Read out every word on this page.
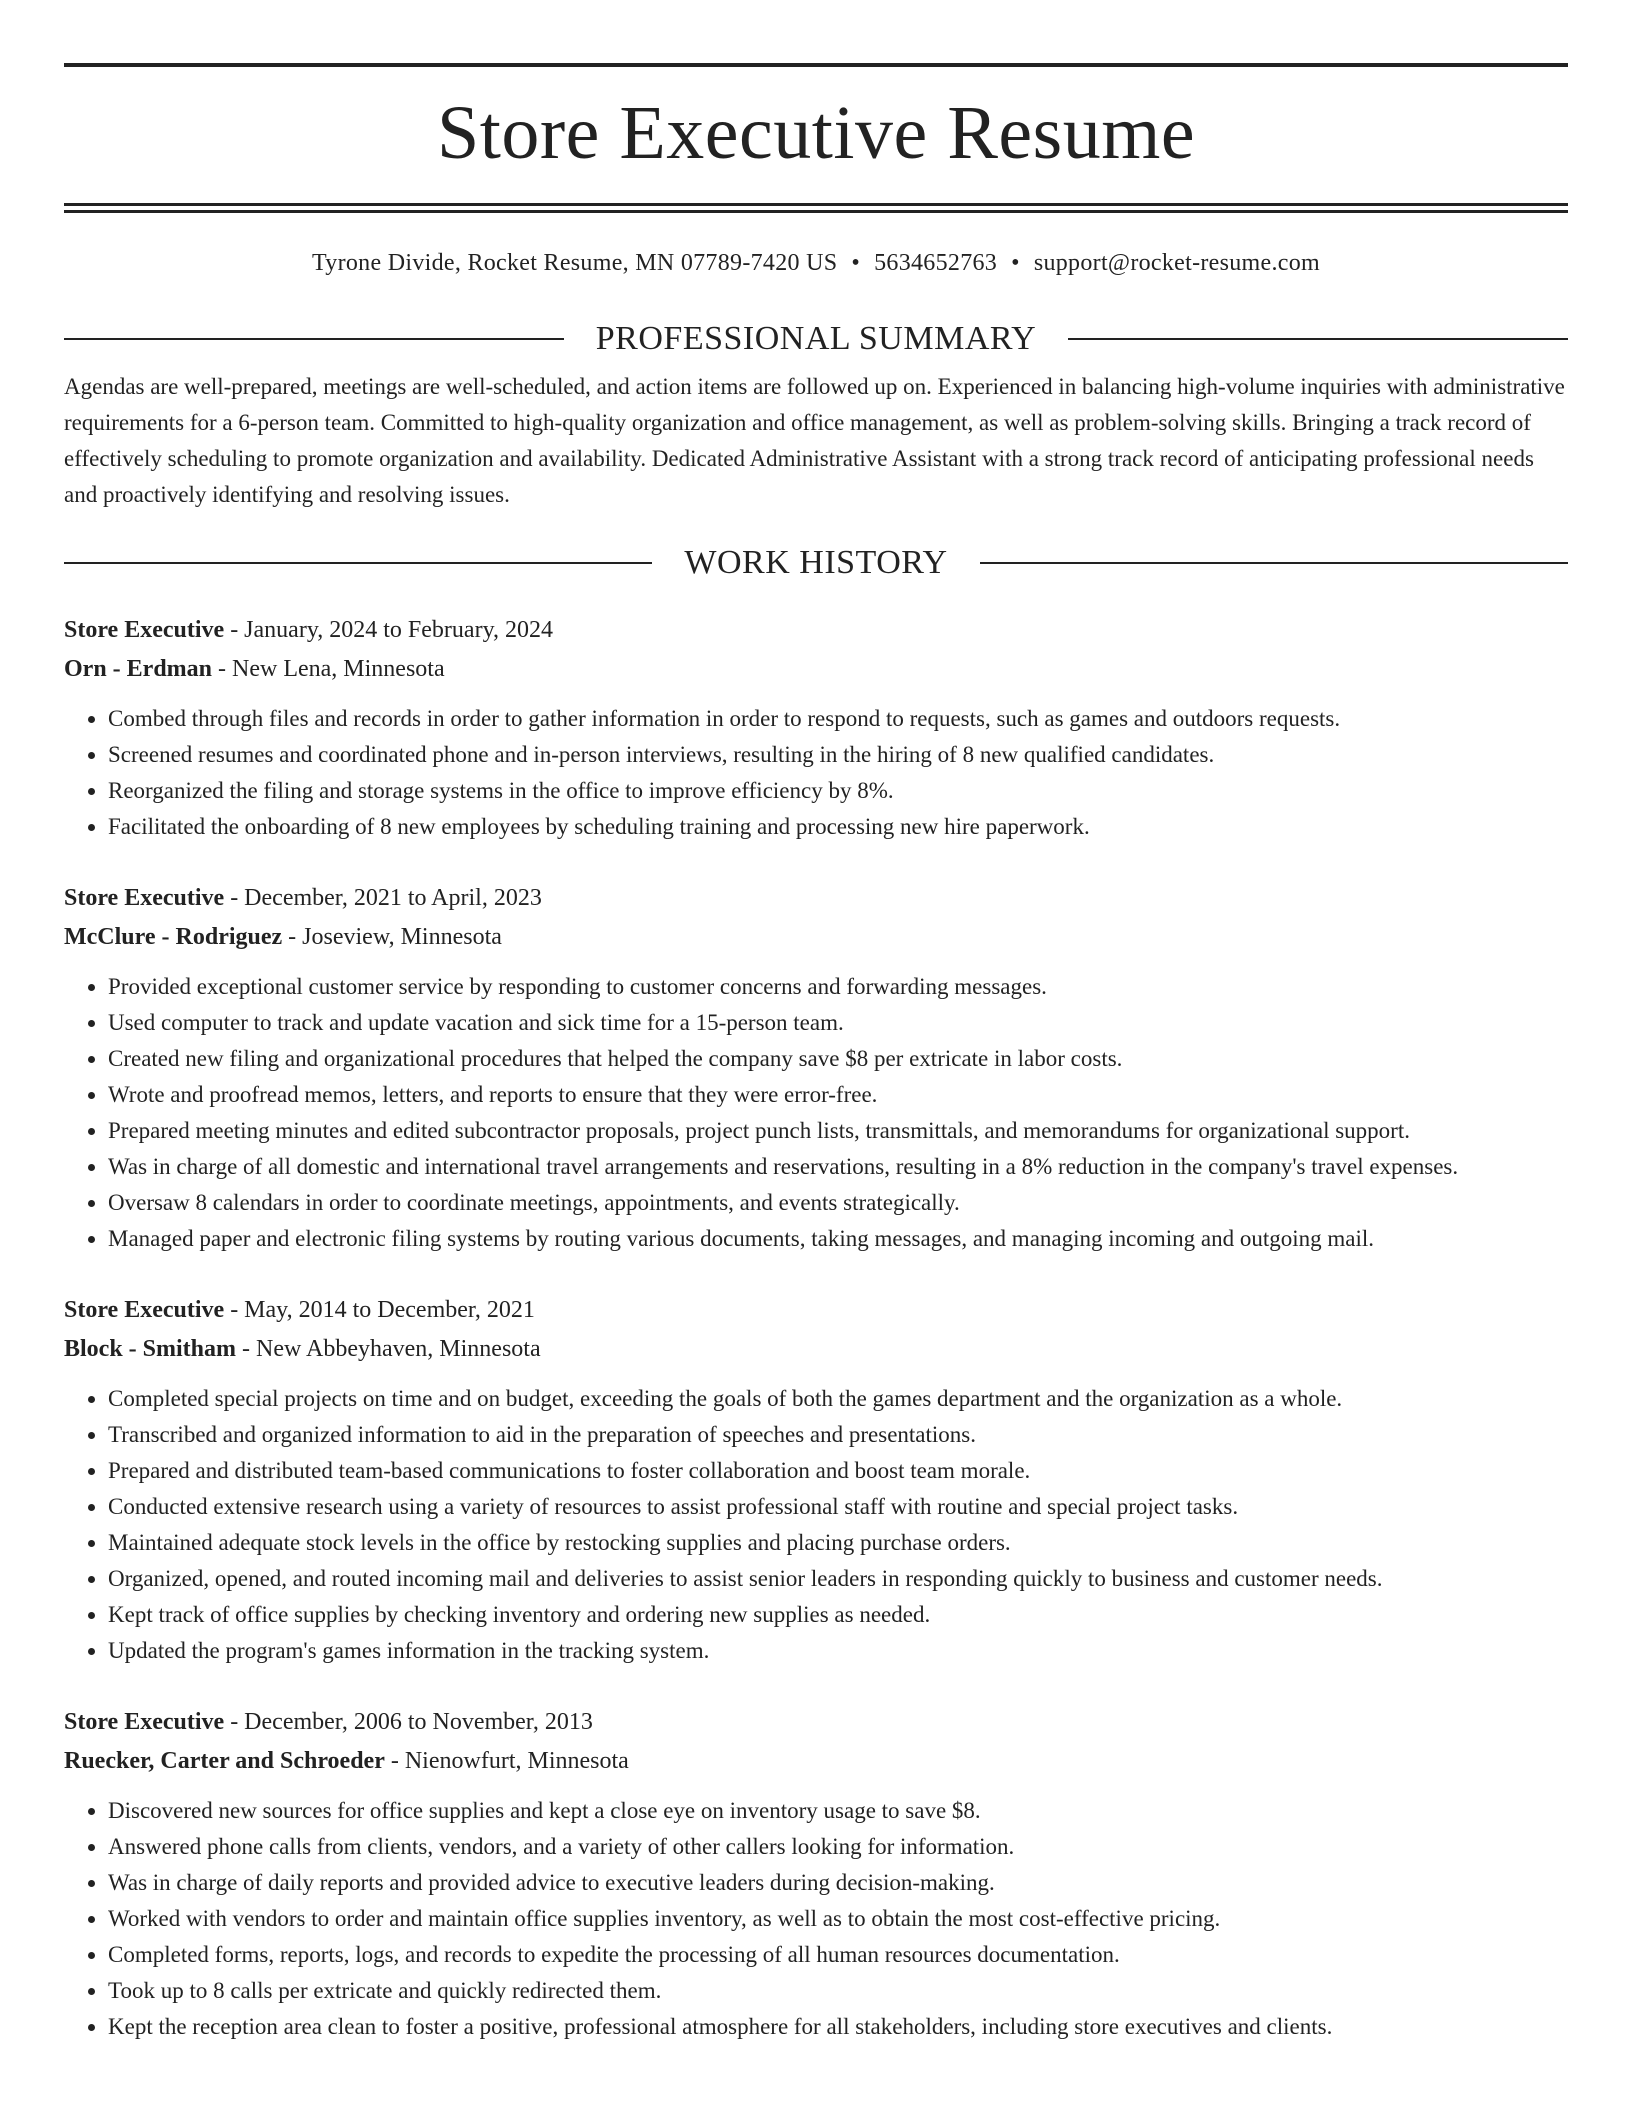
Store Executive Resume
Tyrone Divide, Rocket Resume, MN 07789-7420 US • 5634652763 • support@rocket-resume.com
PROFESSIONAL SUMMARY
Agendas are well-prepared, meetings are well-scheduled, and action items are followed up on. Experienced in balancing high-volume inquiries with administrative requirements for a 6-person team. Committed to high-quality organization and office management, as well as problem-solving skills. Bringing a track record of effectively scheduling to promote organization and availability. Dedicated Administrative Assistant with a strong track record of anticipating professional needs and proactively identifying and resolving issues.
WORK HISTORY
Store Executive - January, 2024 to February, 2024
Orn - Erdman - New Lena, Minnesota
• Combed through files and records in order to gather information in order to respond to requests, such as games and outdoors requests.
• Screened resumes and coordinated phone and in-person interviews, resulting in the hiring of 8 new qualified candidates.
• Reorganized the filing and storage systems in the office to improve efficiency by 8%.
• Facilitated the onboarding of 8 new employees by scheduling training and processing new hire paperwork.
Store Executive - December, 2021 to April, 2023
McClure - Rodriguez - Joseview, Minnesota
• Provided exceptional customer service by responding to customer concerns and forwarding messages.
• Used computer to track and update vacation and sick time for a 15-person team.
• Created new filing and organizational procedures that helped the company save $8 per extricate in labor costs.
• Wrote and proofread memos, letters, and reports to ensure that they were error-free.
• Prepared meeting minutes and edited subcontractor proposals, project punch lists, transmittals, and memorandums for organizational support.
• Was in charge of all domestic and international travel arrangements and reservations, resulting in a 8% reduction in the company's travel expenses.
• Oversaw 8 calendars in order to coordinate meetings, appointments, and events strategically.
• Managed paper and electronic filing systems by routing various documents, taking messages, and managing incoming and outgoing mail.
Store Executive - May, 2014 to December, 2021
Block - Smitham - New Abbeyhaven, Minnesota
• Completed special projects on time and on budget, exceeding the goals of both the games department and the organization as a whole.
• Transcribed and organized information to aid in the preparation of speeches and presentations.
• Prepared and distributed team-based communications to foster collaboration and boost team morale.
• Conducted extensive research using a variety of resources to assist professional staff with routine and special project tasks.
• Maintained adequate stock levels in the office by restocking supplies and placing purchase orders.
• Organized, opened, and routed incoming mail and deliveries to assist senior leaders in responding quickly to business and customer needs.
• Kept track of office supplies by checking inventory and ordering new supplies as needed.
• Updated the program's games information in the tracking system.
Store Executive - December, 2006 to November, 2013
Ruecker, Carter and Schroeder - Nienowfurt, Minnesota
• Discovered new sources for office supplies and kept a close eye on inventory usage to save $8.
• Answered phone calls from clients, vendors, and a variety of other callers looking for information.
• Was in charge of daily reports and provided advice to executive leaders during decision-making.
• Worked with vendors to order and maintain office supplies inventory, as well as to obtain the most cost-effective pricing.
• Completed forms, reports, logs, and records to expedite the processing of all human resources documentation.
• Took up to 8 calls per extricate and quickly redirected them.
• Kept the reception area clean to foster a positive, professional atmosphere for all stakeholders, including store executives and clients.
